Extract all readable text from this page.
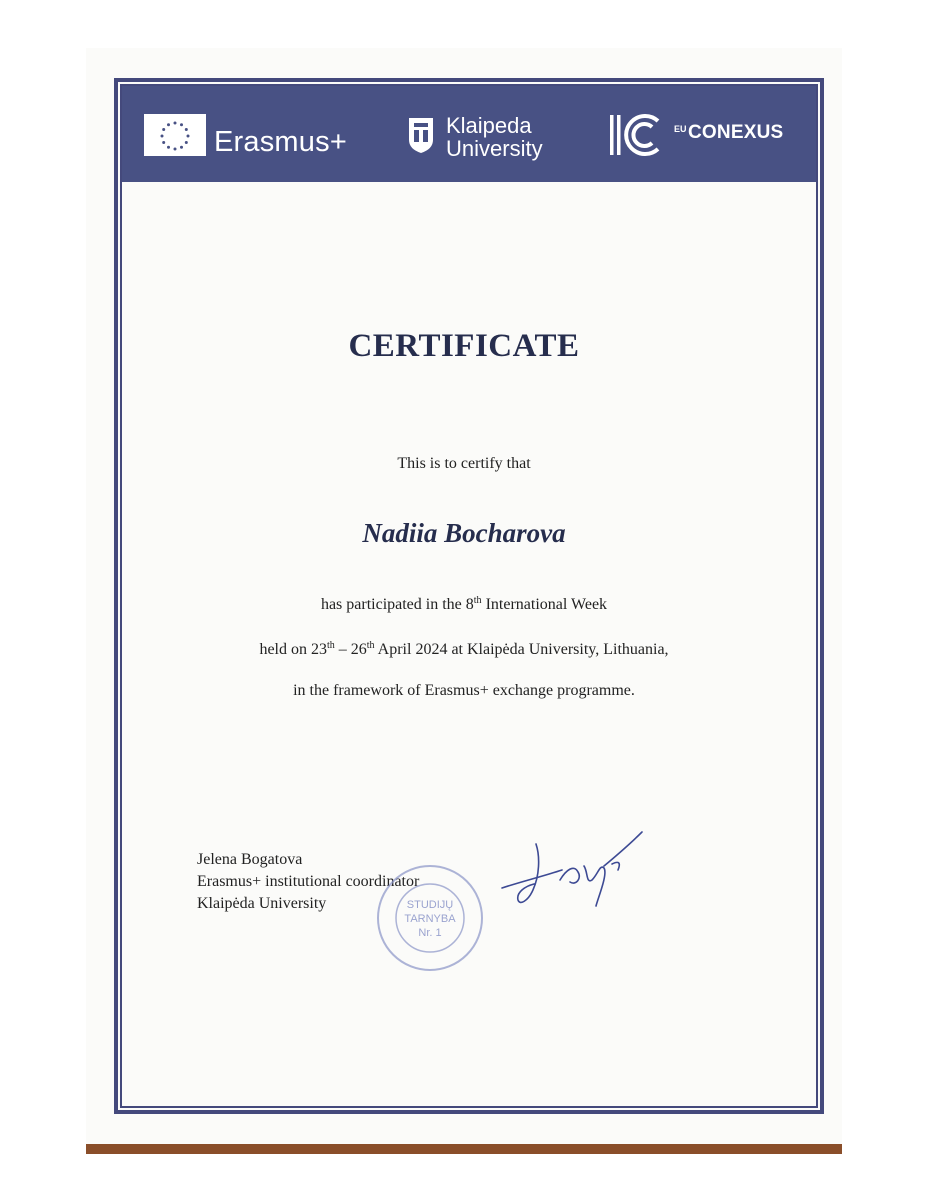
Erasmus+
Klaipeda
University
EU CONEXUS
CERTIFICATE
This is to certify that
Nadiia Bocharova
has participated in the 8th International Week
held on 23th – 26th April 2024 at Klaipėda University, Lithuania,
in the framework of Erasmus+ exchange programme.
Jelena Bogatova
Erasmus+ institutional coordinator
Klaipėda University	STUDIJŲ
TARNYBA
Nr. 1
